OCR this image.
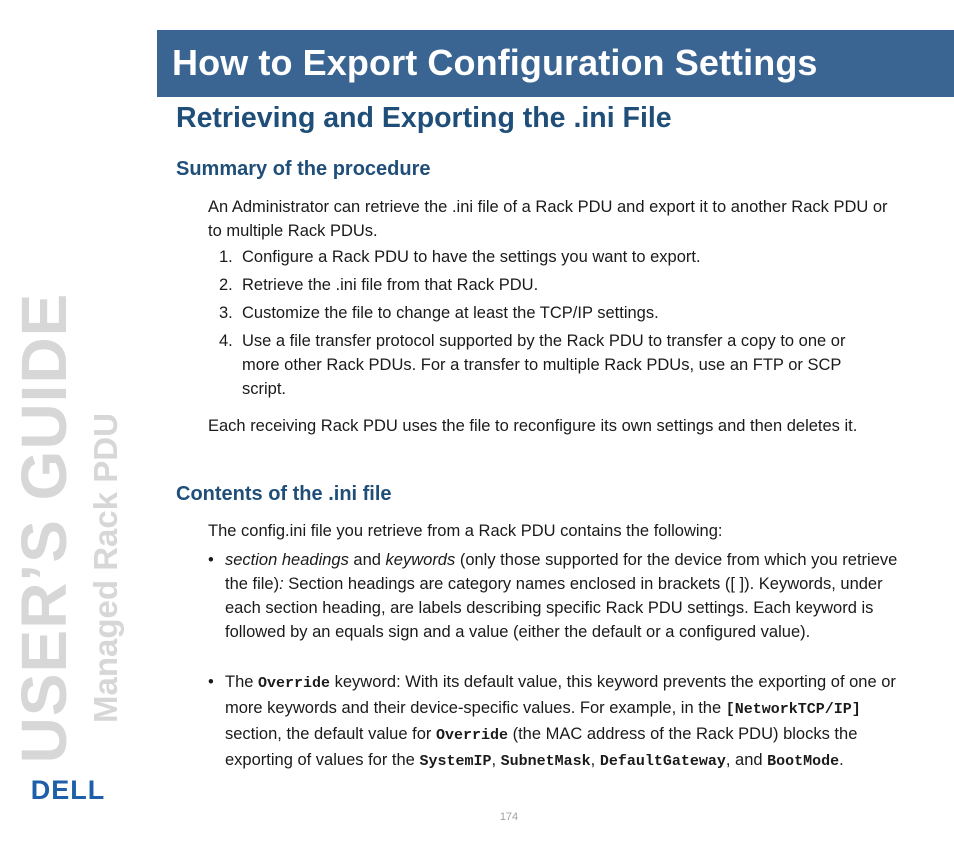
How to Export Configuration Settings
Retrieving and Exporting the .ini File
Summary of the procedure
An Administrator can retrieve the .ini file of a Rack PDU and export it to another Rack PDU or to multiple Rack PDUs.
1. Configure a Rack PDU to have the settings you want to export.
2. Retrieve the .ini file from that Rack PDU.
3. Customize the file to change at least the TCP/IP settings.
4. Use a file transfer protocol supported by the Rack PDU to transfer a copy to one or more other Rack PDUs. For a transfer to multiple Rack PDUs, use an FTP or SCP script.
Each receiving Rack PDU uses the file to reconfigure its own settings and then deletes it.
Contents of the .ini file
The config.ini file you retrieve from a Rack PDU contains the following:
• section headings and keywords (only those supported for the device from which you retrieve the file): Section headings are category names enclosed in brackets ([ ]). Keywords, under each section heading, are labels describing specific Rack PDU settings. Each keyword is followed by an equals sign and a value (either the default or a configured value).
• The Override keyword: With its default value, this keyword prevents the exporting of one or more keywords and their device-specific values. For example, in the [NetworkTCP/IP] section, the default value for Override (the MAC address of the Rack PDU) blocks the exporting of values for the SystemIP, SubnetMask, DefaultGateway, and BootMode.
USER’S GUIDE Managed Rack PDU
DELL
174
